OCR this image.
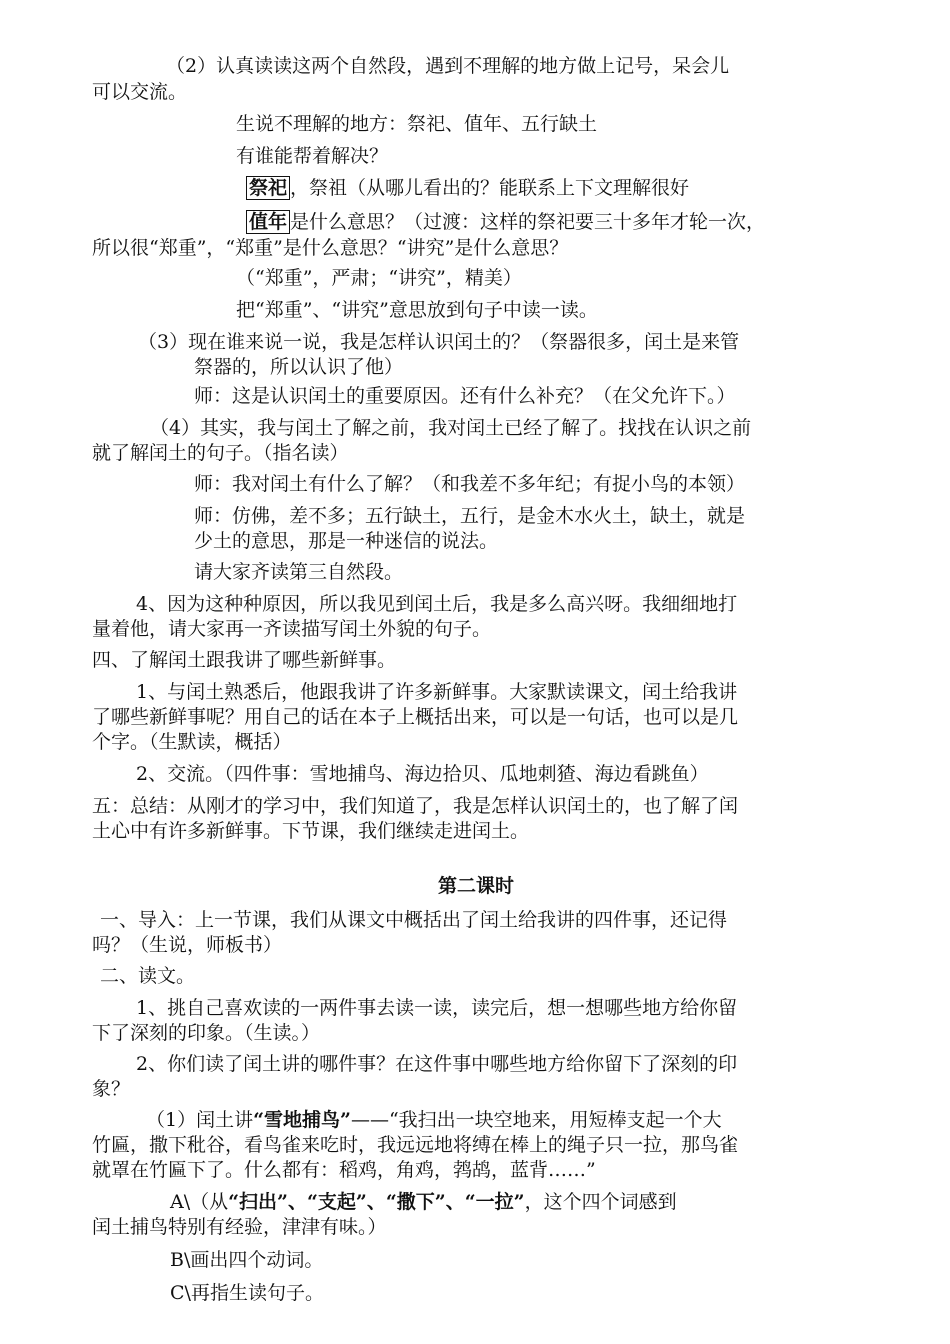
（2）认真读读这两个自然段，遇到不理解的地方做上记号，呆会儿
可以交流。
生说不理解的地方：祭祀、值年、五行缺土
有谁能帮着解决？
祭祀 ，祭祖（从哪儿看出的？能联系上下文理解很好
值年 是什么意思？（过渡：这样的祭祀要三十多年才轮一次，
所以很“郑重”，“郑重”是什么意思？“讲究”是什么意思？
（“郑重”，严肃；“讲究”，精美）
把“郑重”、“讲究”意思放到句子中读一读。
（3）现在谁来说一说，我是怎样认识闰土的？（祭器很多，闰土是来管
祭器的，所以认识了他）
师：这是认识闰土的重要原因。还有什么补充？（在父允许下。）
（4）其实，我与闰土了解之前，我对闰土已经了解了。找找在认识之前
就了解闰土的句子。（指名读）
师：我对闰土有什么了解？（和我差不多年纪；有捉小鸟的本领）
师：仿佛，差不多；五行缺土，五行，是金木水火土，缺土，就是
少土的意思，那是一种迷信的说法。
请大家齐读第三自然段。
4、因为这种种原因，所以我见到闰土后，我是多么高兴呀。我细细地打
量着他，请大家再一齐读描写闰土外貌的句子。
四、了解闰土跟我讲了哪些新鲜事。
1、与闰土熟悉后，他跟我讲了许多新鲜事。大家默读课文，闰土给我讲
了哪些新鲜事呢？用自己的话在本子上概括出来，可以是一句话，也可以是几
个字。（生默读，概括）
2、交流。（四件事：雪地捕鸟、海边拾贝、瓜地刺猹、海边看跳鱼）
五：总结：从刚才的学习中，我们知道了，我是怎样认识闰土的，也了解了闰
土心中有许多新鲜事。下节课，我们继续走进闰土。
第二课时
一、导入：上一节课，我们从课文中概括出了闰土给我讲的四件事，还记得
吗？（生说，师板书）
二、读文。
1、挑自己喜欢读的一两件事去读一读，读完后，想一想哪些地方给你留
下了深刻的印象。（生读。）
2、你们读了闰土讲的哪件事？在这件事中哪些地方给你留下了深刻的印
象？
（1）闰土讲“雪地捕鸟”——“我扫出一块空地来，用短棒支起一个大
竹匾，撒下秕谷，看鸟雀来吃时，我远远地将缚在棒上的绳子只一拉，那鸟雀
就罩在竹匾下了。什么都有：稻鸡，角鸡，鹁鸪，蓝背……”
A\（从“扫出”、“支起”、“撒下”、“一拉”，这个四个词感到
闰土捕鸟特别有经验，津津有味。）
B\画出四个动词。
C\再指生读句子。
